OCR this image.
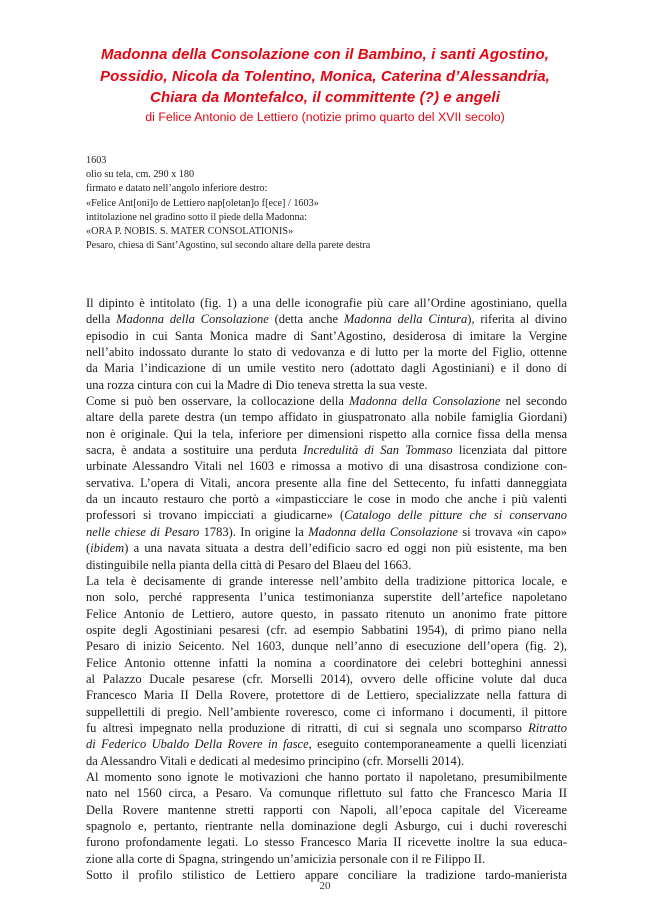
Madonna della Consolazione con il Bambino, i santi Agostino,

Possidio, Nicola da Tolentino, Monica, Caterina d’Alessandria,

Chiara da Montefalco, il committente (?) e angeli

di Felice Antonio de Lettiero (notizie primo quarto del XVII secolo)

1603
olio su tela, cm. 290 x 180
firmato e datato nell’angolo inferiore destro:
«Felice Ant[oni]o de Lettiero nap[oletan]o f[ece] / 1603»
intitolazione nel gradino sotto il piede della Madonna:
«ORA P. NOBIS. S. MATER CONSOLATIONIS»
Pesaro, chiesa di Sant’Agostino, sul secondo altare della parete destra
Il dipinto è intitolato (fig. 1) a una delle iconografie più care all’Ordine agostiniano, quella
della Madonna della Consolazione (detta anche Madonna della Cintura), riferita al divino
episodio in cui Santa Monica madre di Sant’Agostino, desiderosa di imitare la Vergine
nell’abito indossato durante lo stato di vedovanza e di lutto per la morte del Figlio, ottenne
da Maria l’indicazione di un umile vestito nero (adottato dagli Agostiniani) e il dono di
una rozza cintura con cui la Madre di Dio teneva stretta la sua veste.
Come si può ben osservare, la collocazione della Madonna della Consolazione nel secondo
altare della parete destra (un tempo affidato in giuspatronato alla nobile famiglia Giordani)
non è originale. Qui la tela, inferiore per dimensioni rispetto alla cornice fissa della mensa
sacra, è andata a sostituire una perduta Incredulità di San Tommaso licenziata dal pittore
urbinate Alessandro Vitali nel 1603 e rimossa a motivo di una disastrosa condizione con-
servativa. L’opera di Vitali, ancora presente alla fine del Settecento, fu infatti danneggiata
da un incauto restauro che portò a «impasticciare le cose in modo che anche i più valenti
professori si trovano impicciati a giudicarne» (Catalogo delle pitture che si conservano
nelle chiese di Pesaro 1783). In origine la Madonna della Consolazione si trovava «in capo»
(ibidem) a una navata situata a destra dell’edificio sacro ed oggi non più esistente, ma ben
distinguibile nella pianta della città di Pesaro del Blaeu del 1663.
La tela è decisamente di grande interesse nell’ambito della tradizione pittorica locale, e
non solo, perché rappresenta l’unica testimonianza superstite dell’artefice napoletano
Felice Antonio de Lettiero, autore questo, in passato ritenuto un anonimo frate pittore
ospite degli Agostiniani pesaresi (cfr. ad esempio Sabbatini 1954), di primo piano nella
Pesaro di inizio Seicento. Nel 1603, dunque nell’anno di esecuzione dell’opera (fig. 2),
Felice Antonio ottenne infatti la nomina a coordinatore dei celebri botteghini annessi
al Palazzo Ducale pesarese (cfr. Morselli 2014), ovvero delle officine volute dal duca
Francesco Maria II Della Rovere, protettore di de Lettiero, specializzate nella fattura di
suppellettili di pregio. Nell’ambiente roveresco, come ci informano i documenti, il pittore
fu altresì impegnato nella produzione di ritratti, di cui si segnala uno scomparso Ritratto
di Federico Ubaldo Della Rovere in fasce, eseguito contemporaneamente a quelli licenziati
da Alessandro Vitali e dedicati al medesimo principino (cfr. Morselli 2014).
Al momento sono ignote le motivazioni che hanno portato il napoletano, presumibilmente
nato nel 1560 circa, a Pesaro. Va comunque riflettuto sul fatto che Francesco Maria II
Della Rovere mantenne stretti rapporti con Napoli, all’epoca capitale del Vicereame
spagnolo e, pertanto, rientrante nella dominazione degli Asburgo, cui i duchi rovereschi
furono profondamente legati. Lo stesso Francesco Maria II ricevette inoltre la sua educa-
zione alla corte di Spagna, stringendo un’amicizia personale con il re Filippo II.
Sotto il profilo stilistico de Lettiero appare conciliare la tradizione tardo-manierista
20
